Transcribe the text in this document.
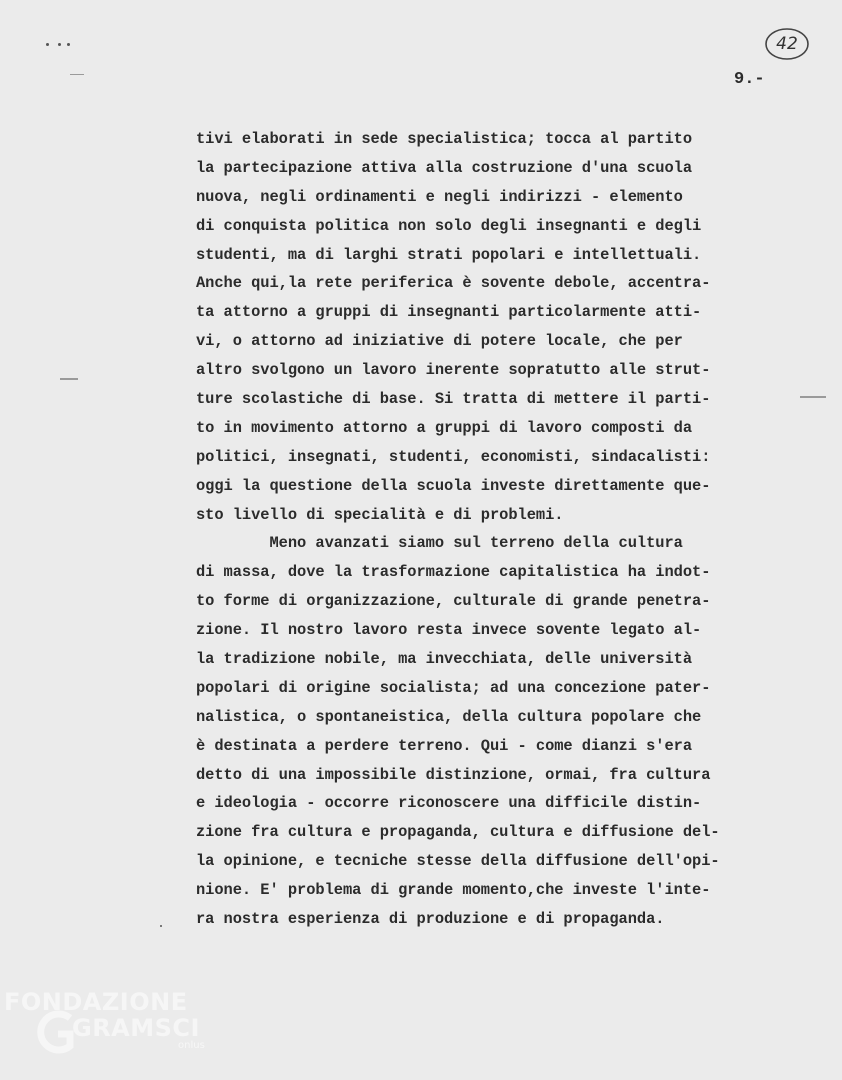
42
9.-
tivi elaborati in sede specialistica; tocca al partito
la partecipazione attiva alla costruzione d'una scuola
nuova, negli ordinamenti e negli indirizzi - elemento
di conquista politica non solo degli insegnanti e degli
studenti, ma di larghi strati popolari e intellettuali.
Anche qui,la rete periferica è sovente debole, accentra-
ta attorno a gruppi di insegnanti particolarmente atti-
vi, o attorno ad iniziative di potere locale, che per
altro svolgono un lavoro inerente sopratutto alle strut-
ture scolastiche di base. Si tratta di mettere il parti-
to in movimento attorno a gruppi di lavoro composti da
politici, insegnati, studenti, economisti, sindacalisti:
oggi la questione della scuola investe direttamente que-
sto livello di specialità e di problemi.
Meno avanzati siamo sul terreno della cultura
di massa, dove la trasformazione capitalistica ha indot-
to forme di organizzazione, culturale di grande penetra-
zione. Il nostro lavoro resta invece sovente legato al-
la tradizione nobile, ma invecchiata, delle università
popolari di origine socialista; ad una concezione pater-
nalistica, o spontaneistica, della cultura popolare che
è destinata a perdere terreno. Qui - come dianzi s'era
detto di una impossibile distinzione, ormai, fra cultura
e ideologia - occorre riconoscere una difficile distin-
zione fra cultura e propaganda, cultura e diffusione del-
la opinione, e tecniche stesse della diffusione dell'opi-
nione. E' problema di grande momento,che investe l'inte-
ra nostra esperienza di produzione e di propaganda.
FONDAZIONE
GRAMSCI
onlus
